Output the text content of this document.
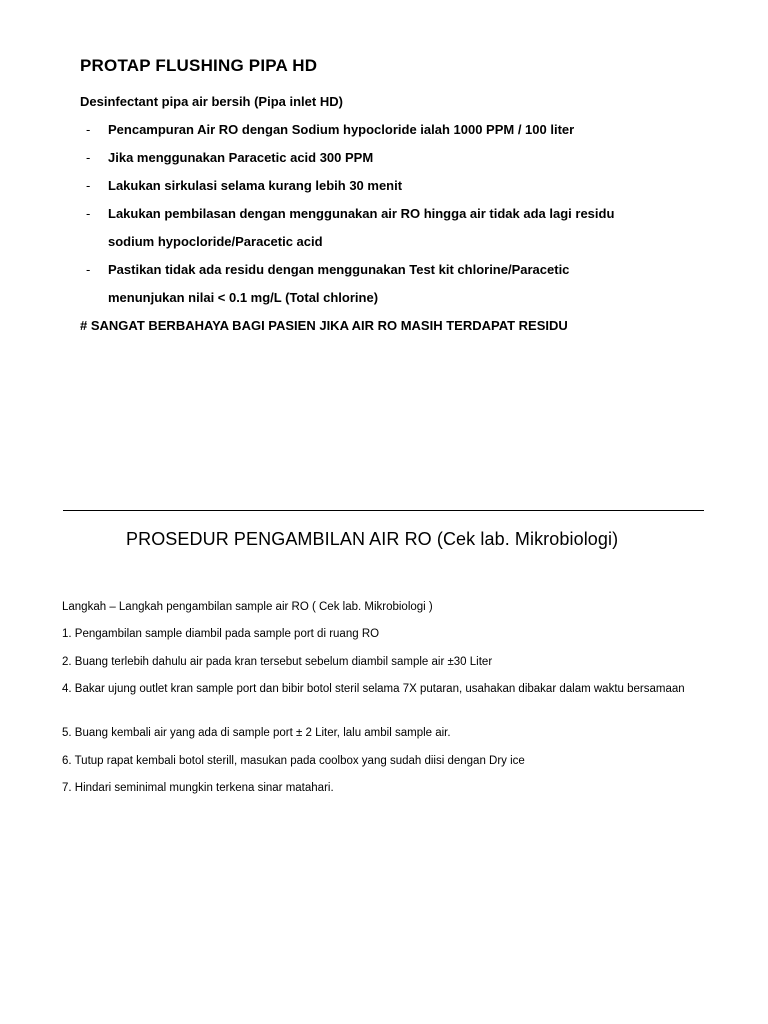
PROTAP FLUSHING PIPA HD
Desinfectant pipa air bersih (Pipa inlet HD)
- Pencampuran Air RO dengan Sodium hypocloride ialah 1000 PPM / 100 liter
- Jika menggunakan Paracetic acid 300 PPM
- Lakukan sirkulasi selama kurang lebih 30 menit
- Lakukan pembilasan dengan menggunakan air RO hingga air tidak ada lagi residu
sodium hypocloride/Paracetic acid
- Pastikan tidak ada residu dengan menggunakan Test kit chlorine/Paracetic
menunjukan nilai < 0.1 mg/L (Total chlorine)
# SANGAT BERBAHAYA BAGI PASIEN JIKA AIR RO MASIH TERDAPAT RESIDU
PROSEDUR PENGAMBILAN AIR RO (Cek lab. Mikrobiologi)
Langkah – Langkah pengambilan sample air RO ( Cek lab. Mikrobiologi )
1. Pengambilan sample diambil pada sample port di ruang RO
2. Buang terlebih dahulu air pada kran tersebut sebelum diambil sample air ±30 Liter
4. Bakar ujung outlet kran sample port dan bibir botol steril selama 7X putaran, usahakan dibakar dalam waktu bersamaan
5. Buang kembali air yang ada di sample port ± 2 Liter, lalu ambil sample air.
6. Tutup rapat kembali botol sterill, masukan pada coolbox yang sudah diisi dengan Dry ice
7. Hindari seminimal mungkin terkena sinar matahari.
